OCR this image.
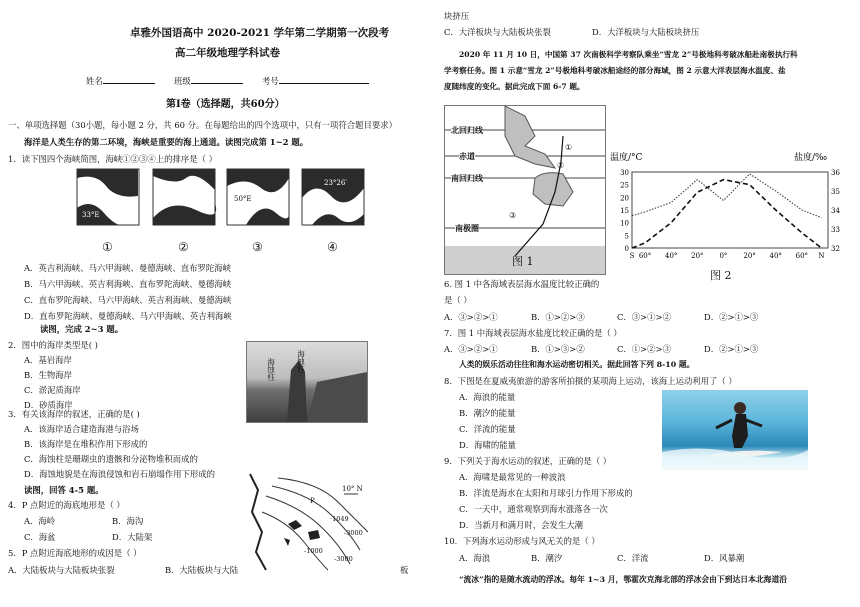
卓雅外国语高中 2020-2021 学年第二学期第一次段考
高二年级地理学科试卷
姓名	班级	考号
第Ⅰ卷（选择题，共60分）
一、单项选择题（30小题，每小题 2 分，共 60 分。在每题给出的四个选项中，只有一项符合题目要求）
海洋是人类生存的第二环境，海峡是重要的海上通道。读图完成第 1~2 题。
1．读下图四个海峡简图，海峡①②③④上的排序是（ ）
33°E
50°E
23°26′
①	②	③	④
A．英吉利海峡、马六甲海峡、曼德海峡、直布罗陀海峡
B．马六甲海峡、英吉利海峡、直布罗陀海峡、曼德海峡
C．直布罗陀海峡、马六甲海峡、英吉利海峡、曼德海峡
D．直布罗陀海峡、曼德海峡、马六甲海峡、英吉利海峡
读图，完成 2~3 题。
2．图中的海岸类型是( )
A．基岩海岸
B．生物海岸
C．淤泥质海岸
D．砂质海岸
海蚀柱	海蚀柱
3．有关该海岸的叙述，正确的是( )
A．该海岸适合建造海港与浴场
B．该海岸是在堆积作用下形成的
C．海蚀柱是珊瑚虫的遗骸和分泌物堆积而成的
D．海蚀地貌是在海浪侵蚀和岩石崩塌作用下形成的
读图，回答 4-5 题。	10° N
P
·1049
-3000
-1000
-3000
4．P 点附近的海底地形是（ ）
A．海岭	B．海沟
C．海盆	D．大陆架
5．P 点附近海底地形的成因是（ ）
A．大陆板块与大陆板块张裂	B．大陆板块与大陆	板
块挤压
C．大洋板块与大陆板块张裂	D．大洋板块与大陆板块挤压
2020 年 11 月 10 日，中国第 37 次南极科学考察队乘坐“雪龙 2”号极地科考破冰船赴南极执行科
学考察任务。图 1 示意“雪龙 2”号极地科考破冰船途经的部分海域，图 2 示意大洋表层海水温度、盐
度随纬度的变化。据此完成下面 6-7 题。
北回归线
赤道
南回归线
南极圈
①
②
③
图 1
温度/°C	盐度/‰
30
25
20
15
10
5
0
36
35
34
33
32
S 60° 40° 20° 0° 20° 40° 60° N
图 2
6. 图 1 中各海域表层海水温度比较正确的
是（ ）
A．③>②>①	B．①>②>③	C．③>①>②	D．②>①>③
7．图 1 中海域表层海水盐度比较正确的是（ ）
A．③>②>①	B．①>③>②	C．①>②>③	D．②>①>③
人类的娱乐活动往往和海水运动密切相关。据此回答下列 8-10 题。
8．下图是在夏威夷旅游的游客所拍摄的某项海上运动，该海上运动利用了（ ）
A．海浪的能量
B．潮汐的能量
C．洋流的能量
D．海啸的能量
9．下列关于海水运动的叙述，正确的是（ ）
A．海啸是最常见的一种波浪
B．洋流是海水在太阳和月球引力作用下形成的
C．一天中，通常观察到海水涨落各一次
D．当新月和满月时，会发生大潮
10．下列海水运动形成与风无关的是（ ）
A．海浪	B．潮汐	C．洋流	D．风暴潮
“流冰”指的是随水流动的浮冰。每年 1~3 月，鄂霍次克海北部的浮冰会由下到达日本北海道沿
